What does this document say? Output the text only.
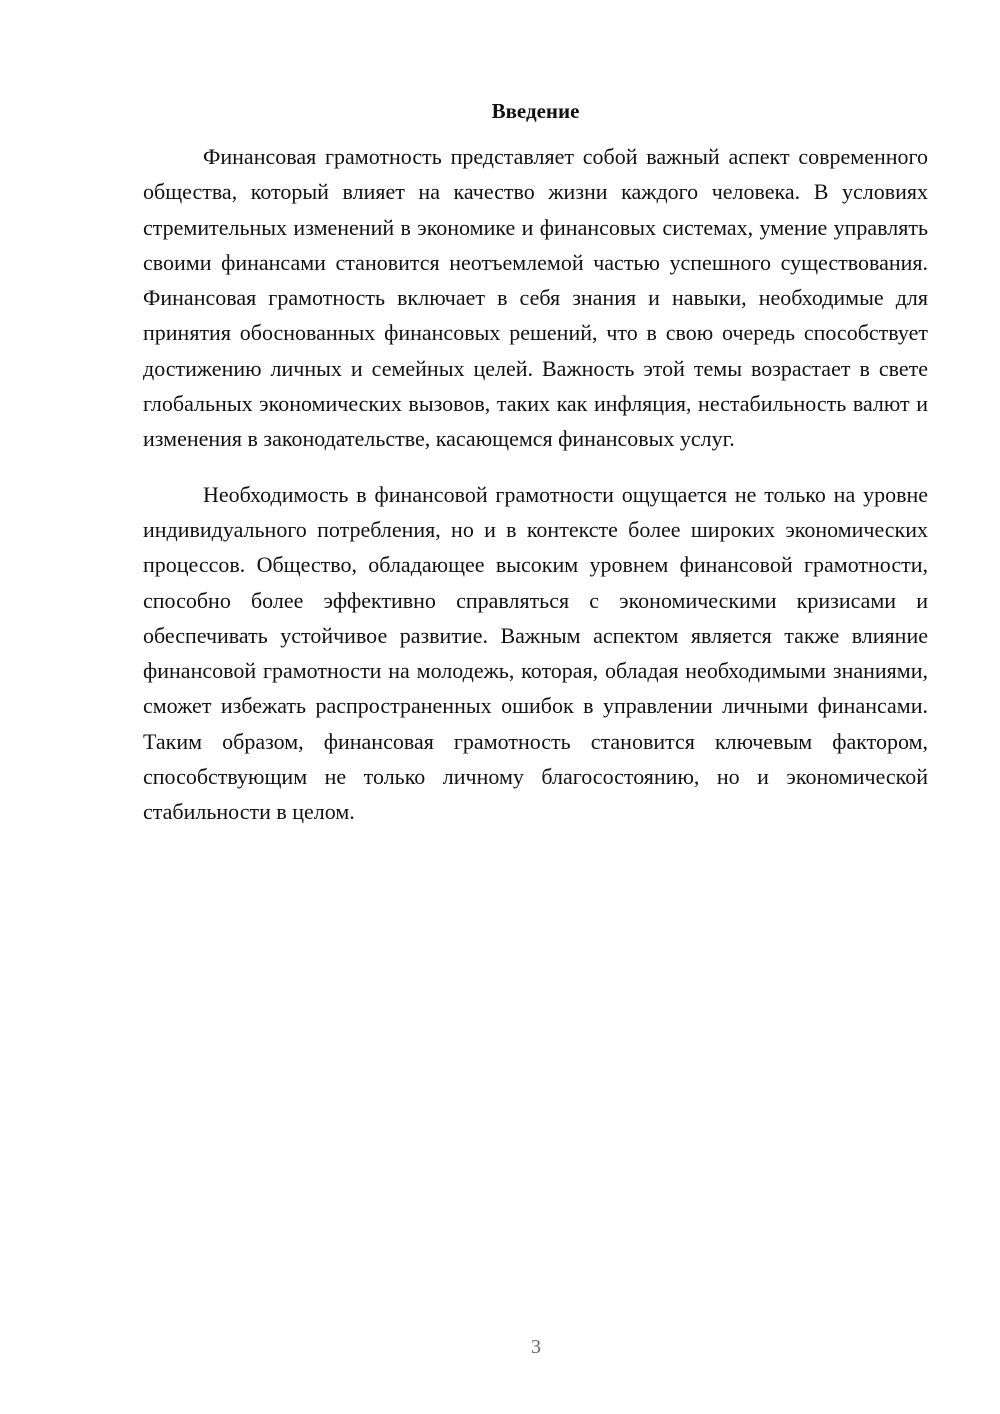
Введение

Финансовая грамотность представляет собой важный аспект современного общества, который влияет на качество жизни каждого человека. В условиях стремительных изменений в экономике и финансовых системах, умение управлять своими финансами становится неотъемлемой частью успешного существования. Финансовая грамотность включает в себя знания и навыки, необходимые для принятия обоснованных финансовых решений, что в свою очередь способствует достижению личных и семейных целей. Важность этой темы возрастает в свете глобальных экономических вызовов, таких как инфляция, нестабильность валют и изменения в законодательстве, касающемся финансовых услуг.

Необходимость в финансовой грамотности ощущается не только на уровне индивидуального потребления, но и в контексте более широких экономических процессов. Общество, обладающее высоким уровнем финансовой грамотности, способно более эффективно справляться с экономическими кризисами и обеспечивать устойчивое развитие. Важным аспектом является также влияние финансовой грамотности на молодежь, которая, обладая необходимыми знаниями, сможет избежать распространенных ошибок в управлении личными финансами. Таким образом, финансовая грамотность становится ключевым фактором, способствующим не только личному благосостоянию, но и экономической стабильности в целом.

3
